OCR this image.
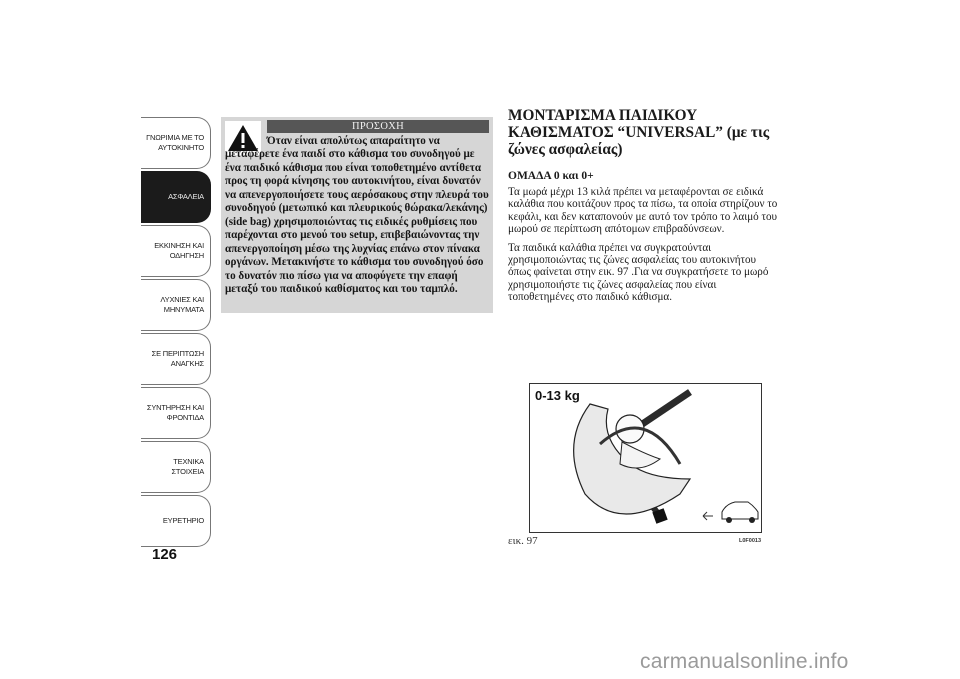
ΓΝΩΡΙΜΙΑ ΜΕ ΤΟ
ΑΥΤΟΚΙΝΗΤΟ
ΑΣΦΑΛΕΙΑ
ΕΚΚΙΝΗΣΗ ΚΑΙ
ΟΔΗΓΗΣΗ
ΛΥΧΝΙΕΣ ΚΑΙ
ΜΗΝΥΜΑΤΑ
ΣΕ ΠΕΡΙΠΤΩΣΗ
ΑΝΑΓΚΗΣ
ΣΥΝΤΗΡΗΣΗ ΚΑΙ
ΦΡΟΝΤΙΔΑ
ΤΕΧΝΙΚΑ ΣΤΟΙΧΕΙΑ
ΕΥΡΕΤΗΡΙΟ
126
ΠΡΟΣΟΧΗ

Όταν είναι απολύτως απαραίτητο να μεταφέρετε ένα παιδί στο κάθισμα του συνοδηγού με ένα παιδικό κάθισμα που είναι τοποθετημένο αντίθετα προς τη φορά κίνησης του αυτοκινήτου, είναι δυνατόν να απενεργοποιήσετε τους αερόσακους στην πλευρά του συνοδηγού (μετωπικό και πλευρικούς θώρακα/λεκάνης) (side bag) χρησιμοποιώντας τις ειδικές ρυθμίσεις που παρέχονται στο μενού του setup, επιβεβαιώνοντας την απενεργοποίηση μέσω της λυχνίας επάνω στον πίνακα οργάνων. Μετακινήστε το κάθισμα του συνοδηγού όσο το δυνατόν πιο πίσω για να αποφύγετε την επαφή μεταξύ του παιδικού καθίσματος και του ταμπλό.

ΜΟΝΤΑΡΙΣΜΑ ΠΑΙΔΙΚΟΥ ΚΑΘΙΣΜΑΤΟΣ “UNIVERSAL” (με τις ζώνες ασφαλείας)

ΟΜΑΔΑ 0 και 0+

Τα μωρά μέχρι 13 κιλά πρέπει να μεταφέρονται σε ειδικά καλάθια που κοιτάζουν προς τα πίσω, τα οποία στηρίζουν το κεφάλι, και δεν καταπονούν με αυτό τον τρόπο το λαιμό του μωρού σε περίπτωση απότομων επιβραδύνσεων.

Τα παιδικά καλάθια πρέπει να συγκρατούνται χρησιμοποιώντας τις ζώνες ασφαλείας του αυτοκινήτου όπως φαίνεται στην εικ. 97 .Για να συγκρατήσετε το μωρό χρησιμοποιήστε τις ζώνες ασφαλείας που είναι τοποθετημένες στο παιδικό κάθισμα.

0-13 kg
εικ. 97	L0F0013
carmanualsonline.info
